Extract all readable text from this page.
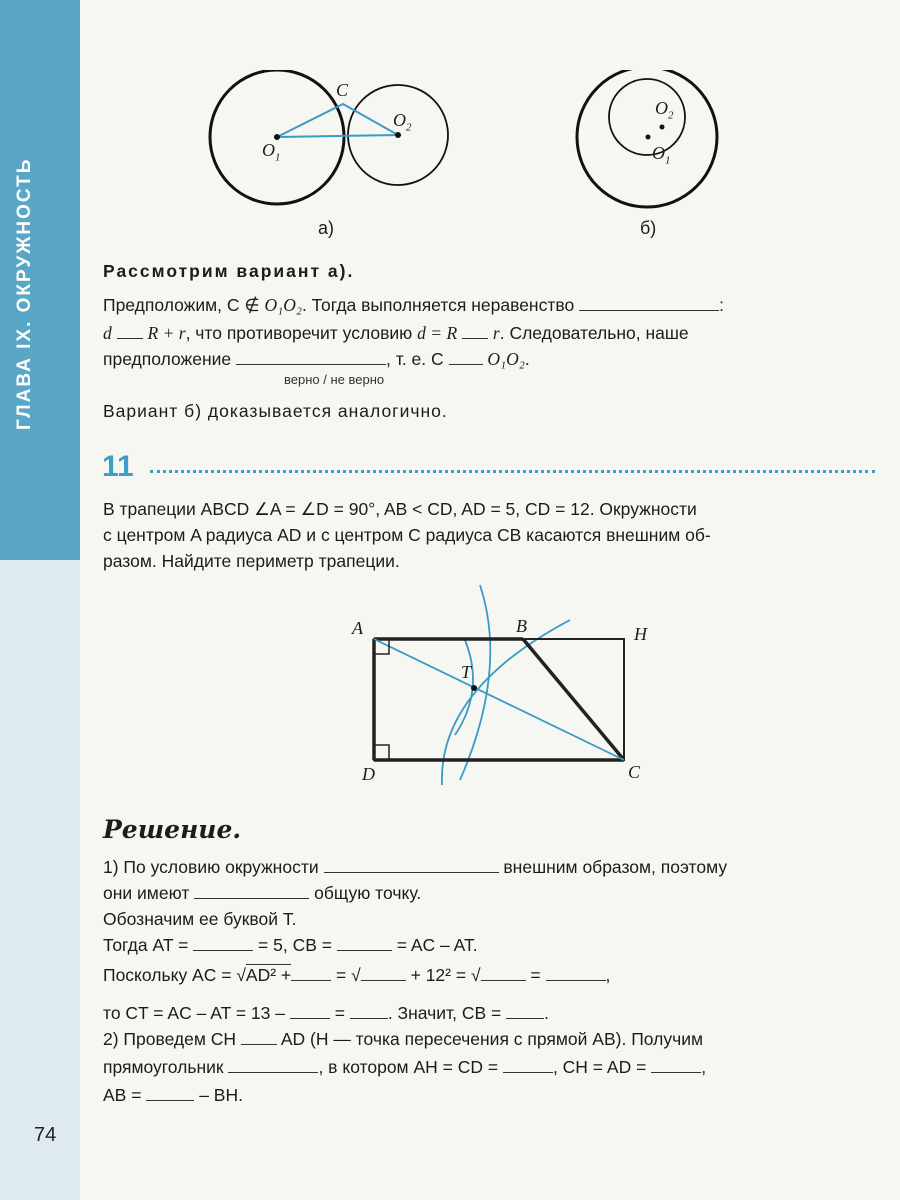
ГЛАВА IX. ОКРУЖНОСТЬ
74
C
$O_1$
$O_2$
а)
$O_2$
$O_1$
б)
Рассмотрим вариант а).
Предположим, C ∉ O₁O₂. Тогда выполняется неравенство	:
d R + r, что противоречит условию d = R r. Следовательно, наше
предположение	, т. е. C	O₁O₂.
верно / не верно
Вариант б) доказывается аналогично.
11
В трапеции ABCD ∠A = ∠D = 90°, AB < CD, AD = 5, CD = 12. Окружности
с центром A радиуса AD и с центром C радиуса CB касаются внешним об-
разом. Найдите периметр трапеции.
A	B	H
T
D	C
Решение.
1) По условию окружности	внешним образом, поэтому
они имеют	общую точку.
Обозначим ее буквой T.
Тогда AT =	= 5, CB =	= AC – AT.
Поскольку AC = √AD² +	= √	+ 12² = √	=	,
то CT = AC – AT = 13 –	= . Значит, CB = .
2) Проведем CH	AD (H — точка пересечения с прямой AB). Получим
прямоугольник	, в котором AH = CD =	, CH = AD =	,
AB =	– BH.
